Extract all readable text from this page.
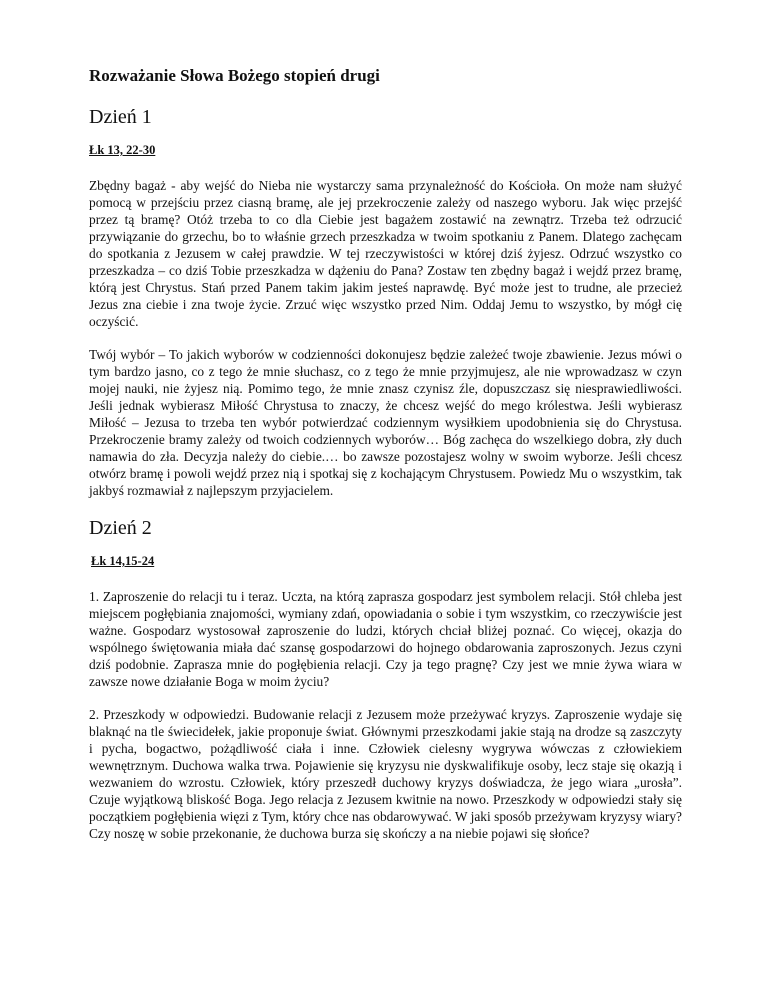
Rozważanie Słowa Bożego stopień drugi
Dzień 1

Łk 13, 22-30

Zbędny bagaż - aby wejść do Nieba nie wystarczy sama przynależność do Kościoła. On może nam służyć pomocą w przejściu przez ciasną bramę, ale jej przekroczenie zależy od naszego wyboru. Jak więc przejść przez tą bramę? Otóż trzeba to co dla Ciebie jest bagażem zostawić na zewnątrz. Trzeba też odrzucić przywiązanie do grzechu, bo to właśnie grzech przeszkadza w twoim spotkaniu z Panem. Dlatego zachęcam do spotkania z Jezusem w całej prawdzie. W tej rzeczywistości w której dziś żyjesz. Odrzuć wszystko co przeszkadza – co dziś Tobie przeszkadza w dążeniu do Pana? Zostaw ten zbędny bagaż i wejdź przez bramę, którą jest Chrystus. Stań przed Panem takim jakim jesteś naprawdę. Być może jest to trudne, ale przecież Jezus zna ciebie i zna twoje życie. Zrzuć więc wszystko przed Nim. Oddaj Jemu to wszystko, by mógł cię oczyścić.

Twój wybór – To jakich wyborów w codzienności dokonujesz będzie zależeć twoje zbawienie. Jezus mówi o tym bardzo jasno, co z tego że mnie słuchasz, co z tego że mnie przyjmujesz, ale nie wprowadzasz w czyn mojej nauki, nie żyjesz nią. Pomimo tego, że mnie znasz czynisz źle, dopuszczasz się niesprawiedliwości. Jeśli jednak wybierasz Miłość Chrystusa to znaczy, że chcesz wejść do mego królestwa. Jeśli wybierasz Miłość – Jezusa to trzeba ten wybór potwierdzać codziennym wysiłkiem upodobnienia się do Chrystusa. Przekroczenie bramy zależy od twoich codziennych wyborów… Bóg zachęca do wszelkiego dobra, zły duch namawia do zła. Decyzja należy do ciebie.… bo zawsze pozostajesz wolny w swoim wyborze. Jeśli chcesz otwórz bramę i powoli wejdź przez nią i spotkaj się z kochającym Chrystusem. Powiedz Mu o wszystkim, tak jakbyś rozmawiał z najlepszym przyjacielem.

Dzień 2

Łk 14,15-24

1. Zaproszenie do relacji tu i teraz. Uczta, na którą zaprasza gospodarz jest symbolem relacji. Stół chleba jest miejscem pogłębiania znajomości, wymiany zdań, opowiadania o sobie i tym wszystkim, co rzeczywiście jest ważne. Gospodarz wystosował zaproszenie do ludzi, których chciał bliżej poznać. Co więcej, okazja do wspólnego świętowania miała dać szansę gospodarzowi do hojnego obdarowania zaproszonych. Jezus czyni dziś podobnie. Zaprasza mnie do pogłębienia relacji. Czy ja tego pragnę? Czy jest we mnie żywa wiara w zawsze nowe działanie Boga w moim życiu?

2. Przeszkody w odpowiedzi. Budowanie relacji z Jezusem może przeżywać kryzys. Zaproszenie wydaje się blaknąć na tle świecidełek, jakie proponuje świat. Głównymi przeszkodami jakie stają na drodze są zaszczyty i pycha, bogactwo, pożądliwość ciała i inne. Człowiek cielesny wygrywa wówczas z człowiekiem wewnętrznym. Duchowa walka trwa. Pojawienie się kryzysu nie dyskwalifikuje osoby, lecz staje się okazją i wezwaniem do wzrostu. Człowiek, który przeszedł duchowy kryzys doświadcza, że jego wiara „urosła”. Czuje wyjątkową bliskość Boga. Jego relacja z Jezusem kwitnie na nowo. Przeszkody w odpowiedzi stały się początkiem pogłębienia więzi z Tym, który chce nas obdarowywać. W jaki sposób przeżywam kryzysy wiary? Czy noszę w sobie przekonanie, że duchowa burza się skończy a na niebie pojawi się słońce?
